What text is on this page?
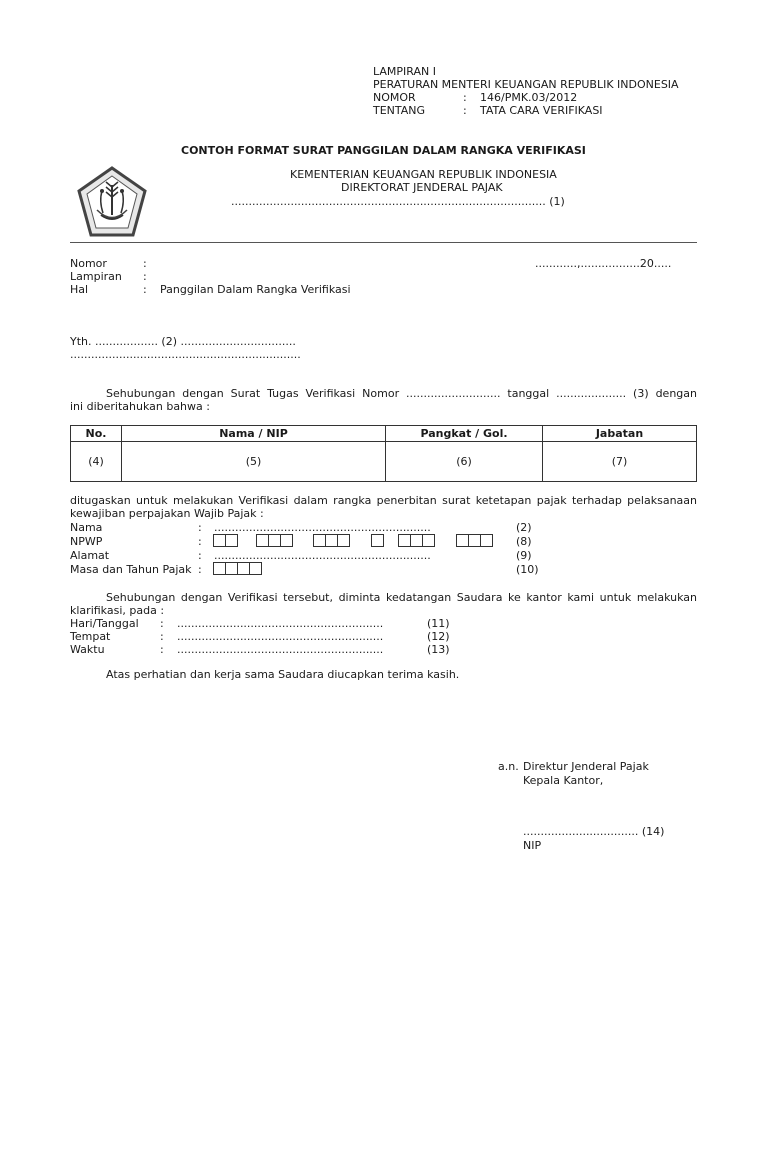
LAMPIRAN I
PERATURAN MENTERI KEUANGAN REPUBLIK INDONESIA
NOMOR	: 146/PMK.03/2012
TENTANG	: TATA CARA VERIFIKASI
CONTOH FORMAT SURAT PANGGILAN DALAM RANGKA VERIFIKASI
KEMENTERIAN KEUANGAN REPUBLIK INDONESIA
DIREKTORAT JENDERAL PAJAK
.......................................................................................... (1)
Nomor	:	............,.................20.....
Lampiran :
Hal	: Panggilan Dalam Rangka Verifikasi
Yth. .................. (2) .................................
..................................................................
Sehubungan dengan Surat Tugas Verifikasi Nomor ........................... tanggal .................... (3) dengan
ini diberitahukan bahwa :
No.	Nama / NIP	Pangkat / Gol.	Jabatan
(4)	(5)	(6)	(7)
ditugaskan untuk melakukan Verifikasi dalam rangka penerbitan surat ketetapan pajak terhadap pelaksanaan
kewajiban perpajakan Wajib Pajak :
Nama	: ..............................................................	(2)
NPWP	:	(8)
Alamat	: ..............................................................	(9)
Masa dan Tahun Pajak :	(10)
Sehubungan dengan Verifikasi tersebut, diminta kedatangan Saudara ke kantor kami untuk melakukan
klarifikasi, pada :
Hari/Tanggal : ...........................................................	(11)
Tempat	: ...........................................................	(12)
Waktu	: ...........................................................	(13)
Atas perhatian dan kerja sama Saudara diucapkan terima kasih.
a.n. Direktur Jenderal Pajak
Kepala Kantor,
................................. (14)
NIP
